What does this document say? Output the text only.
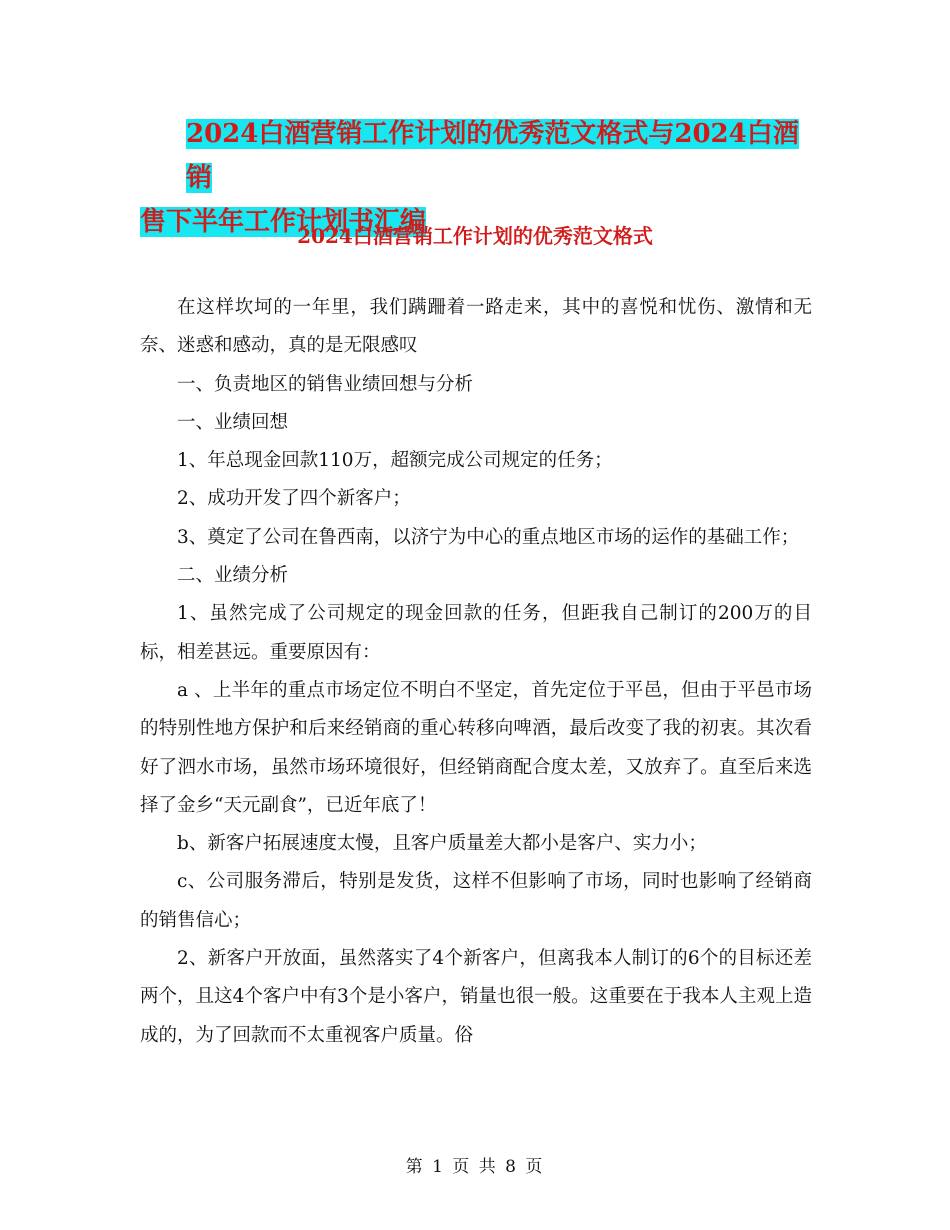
2024白酒营销工作计划的优秀范文格式与2024白酒销
售下半年工作计划书汇编
2024白酒营销工作计划的优秀范文格式

在这样坎坷的一年里，我们蹒跚着一路走来，其中的喜悦和忧伤、激情和无奈、迷惑和感动，真的是无限感叹

一、负责地区的销售业绩回想与分析

一、业绩回想

1、年总现金回款110万，超额完成公司规定的任务；

2、成功开发了四个新客户；

3、奠定了公司在鲁西南，以济宁为中心的重点地区市场的运作的基础工作；

二、业绩分析

1、虽然完成了公司规定的现金回款的任务，但距我自己制订的200万的目标，相差甚远。重要原因有：

a 、上半年的重点市场定位不明白不坚定，首先定位于平邑，但由于平邑市场的特别性地方保护和后来经销商的重心转移向啤酒，最后改变了我的初衷。其次看好了泗水市场，虽然市场环境很好，但经销商配合度太差，又放弃了。直至后来选择了金乡“天元副食”，已近年底了！

b、新客户拓展速度太慢，且客户质量差大都小是客户、实力小；

c、公司服务滞后，特别是发货，这样不但影响了市场，同时也影响了经销商的销售信心；

2、新客户开放面，虽然落实了4个新客户，但离我本人制订的6个的目标还差两个，且这4个客户中有3个是小客户，销量也很一般。这重要在于我本人主观上造成的，为了回款而不太重视客户质量。俗

第 1 页 共 8 页
